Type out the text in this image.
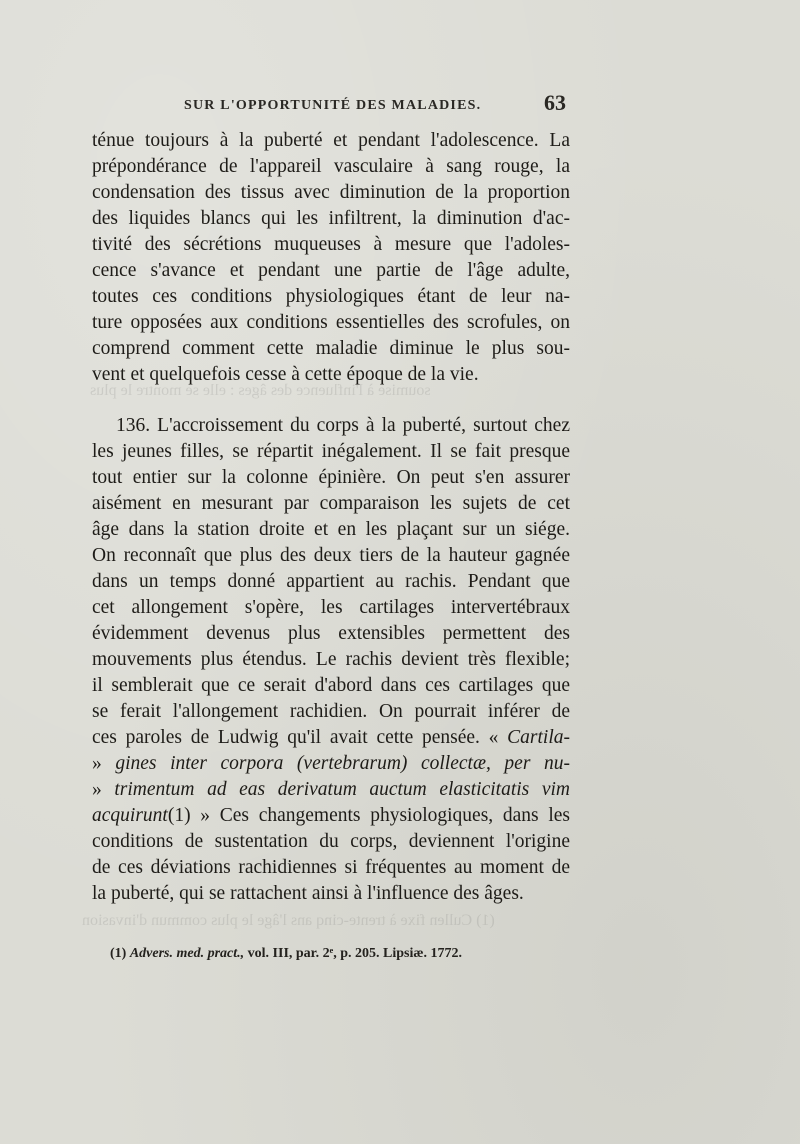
soumise à l'influence des âges : elle se montre le plus
(1) Cullen fixe à trente-cinq ans l'âge le plus commun d'invasion
SUR L'OPPORTUNITÉ DES MALADIES.	63
ténue toujours à la puberté et pendant l'adolescence. La
prépondérance de l'appareil vasculaire à sang rouge, la
condensation des tissus avec diminution de la proportion
des liquides blancs qui les infiltrent, la diminution d'ac-
tivité des sécrétions muqueuses à mesure que l'adoles-
cence s'avance et pendant une partie de l'âge adulte,
toutes ces conditions physiologiques étant de leur na-
ture opposées aux conditions essentielles des scrofules, on
comprend comment cette maladie diminue le plus sou-
vent et quelquefois cesse à cette époque de la vie.
136. L'accroissement du corps à la puberté, surtout chez
les jeunes filles, se répartit inégalement. Il se fait presque
tout entier sur la colonne épinière. On peut s'en assurer
aisément en mesurant par comparaison les sujets de cet
âge dans la station droite et en les plaçant sur un siége.
On reconnaît que plus des deux tiers de la hauteur gagnée
dans un temps donné appartient au rachis. Pendant que
cet allongement s'opère, les cartilages intervertébraux
évidemment devenus plus extensibles permettent des
mouvements plus étendus. Le rachis devient très flexible;
il semblerait que ce serait d'abord dans ces cartilages que
se ferait l'allongement rachidien. On pourrait inférer de
ces paroles de Ludwig qu'il avait cette pensée. « Cartila-
» gines inter corpora (vertebrarum) collectæ, per nu-
» trimentum ad eas derivatum auctum elasticitatis vim
acquirunt(1) » Ces changements physiologiques, dans les
conditions de sustentation du corps, deviennent l'origine
de ces déviations rachidiennes si fréquentes au moment de
la puberté, qui se rattachent ainsi à l'influence des âges.
(1) Advers. med. pract., vol. III, par. 2ᵉ, p. 205. Lipsiæ. 1772.
